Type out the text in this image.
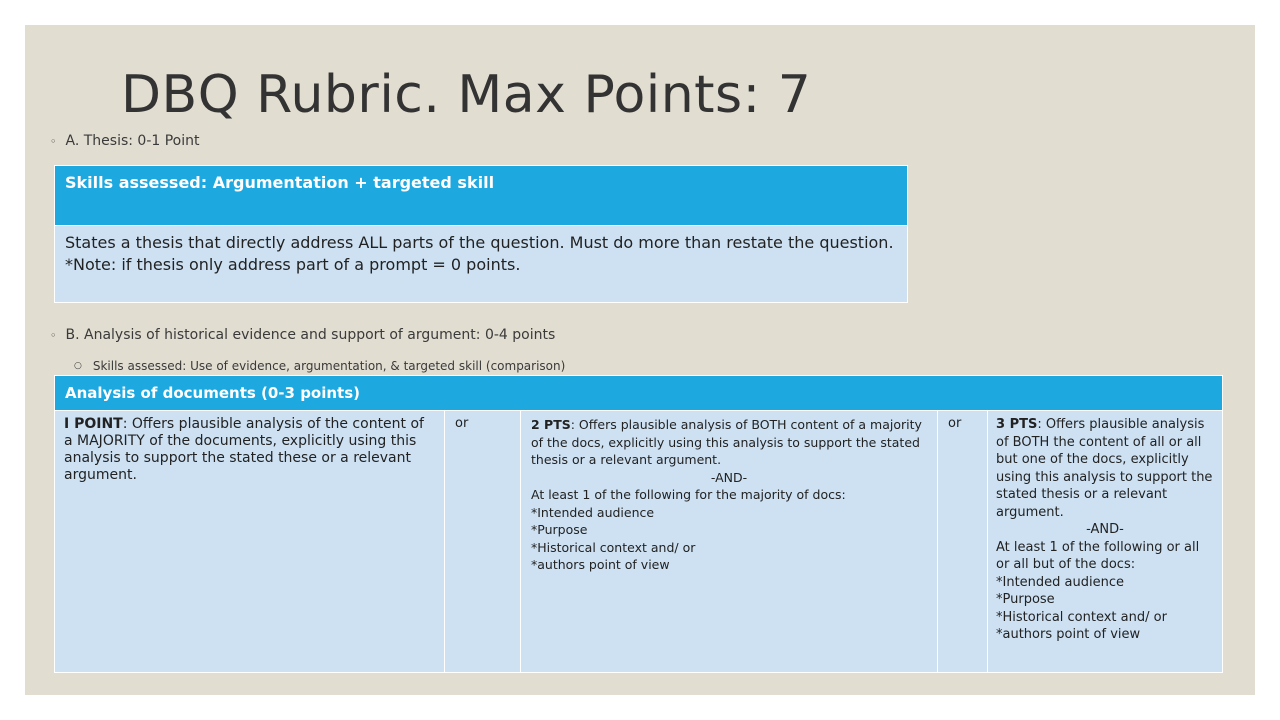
DBQ Rubric. Max Points: 7
◦ A. Thesis: 0-1 Point
Skills assessed: Argumentation + targeted skill

States a thesis that directly address ALL parts of the question. Must do more than restate the question.
*Note: if thesis only address part of a prompt = 0 points.
◦ B. Analysis of historical evidence and support of argument: 0-4 points
○ Skills assessed: Use of evidence, argumentation, & targeted skill (comparison)
Analysis of documents (0-3 points)
I POINT: Offers plausible analysis of the content of a MAJORITY of the documents, explicitly using this analysis to support the stated these or a relevant argument.	or	2 PTS: Offers plausible analysis of BOTH content of a majority of the docs, explicitly using this analysis to support the stated thesis or a relevant argument.
-AND-
At least 1 of the following for the majority of docs:
*Intended audience
*Purpose
*Historical context and/ or
*authors point of view
	or	3 PTS: Offers plausible analysis of BOTH the content of all or all but one of the docs, explicitly using this analysis to support the stated thesis or a relevant argument.
-AND-
At least 1 of the following or all or all but of the docs:
*Intended audience
*Purpose
*Historical context and/ or
*authors point of view
